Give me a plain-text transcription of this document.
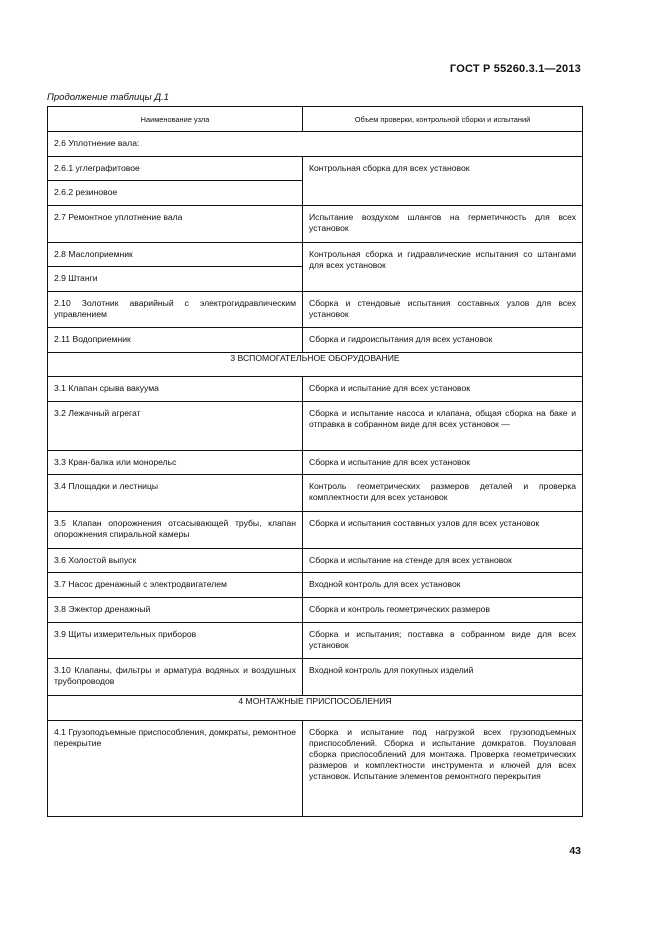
ГОСТ Р 55260.3.1—2013
Продолжение таблицы Д.1
Наименование узла	Объем проверки, контрольной сборки и испытаний
2.6 Уплотнение вала:	
2.6.1 углеграфитовое	Контрольная сборка для всех установок
2.6.2 резиновое	
2.7 Ремонтное уплотнение вала	Испытание воздухом шлангов на герметичность для всех установок
2.8 Маслоприемник	Контрольная сборка и гидравлические испытания со штангами для всех установок
2.9 Штанги	
2.10 Золотник аварийный с электрогидравлическим управлением	Сборка и стендовые испытания составных узлов для всех установок
2.11 Водоприемник	Сборка и гидроиспытания для всех установок
3 ВСПОМОГАТЕЛЬНОЕ ОБОРУДОВАНИЕ	
3.1 Клапан срыва вакуума	Сборка и испытание для всех установок
3.2 Лежачный агрегат	Сборка и испытание насоса и клапана, общая сборка на баке и отправка в собранном виде для всех установок —
3.3 Кран-балка или монорельс	Сборка и испытание для всех установок
3.4 Площадки и лестницы	Контроль геометрических размеров деталей и проверка комплектности для всех установок
3.5 Клапан опорожнения отсасывающей трубы, клапан опорожнения спиральной камеры	Сборка и испытания составных узлов для всех установок
3.6 Холостой выпуск	Сборка и испытание на стенде для всех установок
3.7 Насос дренажный с электродвигателем	Входной контроль для всех установок
3.8 Эжектор дренажный	Сборка и контроль геометрических размеров
3.9 Щиты измерительных приборов	Сборка и испытания; поставка в собранном виде для всех установок
3.10 Клапаны, фильтры и арматура водяных и воздушных трубопроводов	Входной контроль для покупных изделий
4 МОНТАЖНЫЕ ПРИСПОСОБЛЕНИЯ	
4.1 Грузоподъемные приспособления, домкраты, ремонтное перекрытие	Сборка и испытание под нагрузкой всех грузоподъемных приспособлений. Сборка и испытание домкратов. Поузловая сборка приспособлений для монтажа. Проверка геометрических размеров и комплектности инструмента и ключей для всех установок. Испытание элементов ремонтного перекрытия
43
